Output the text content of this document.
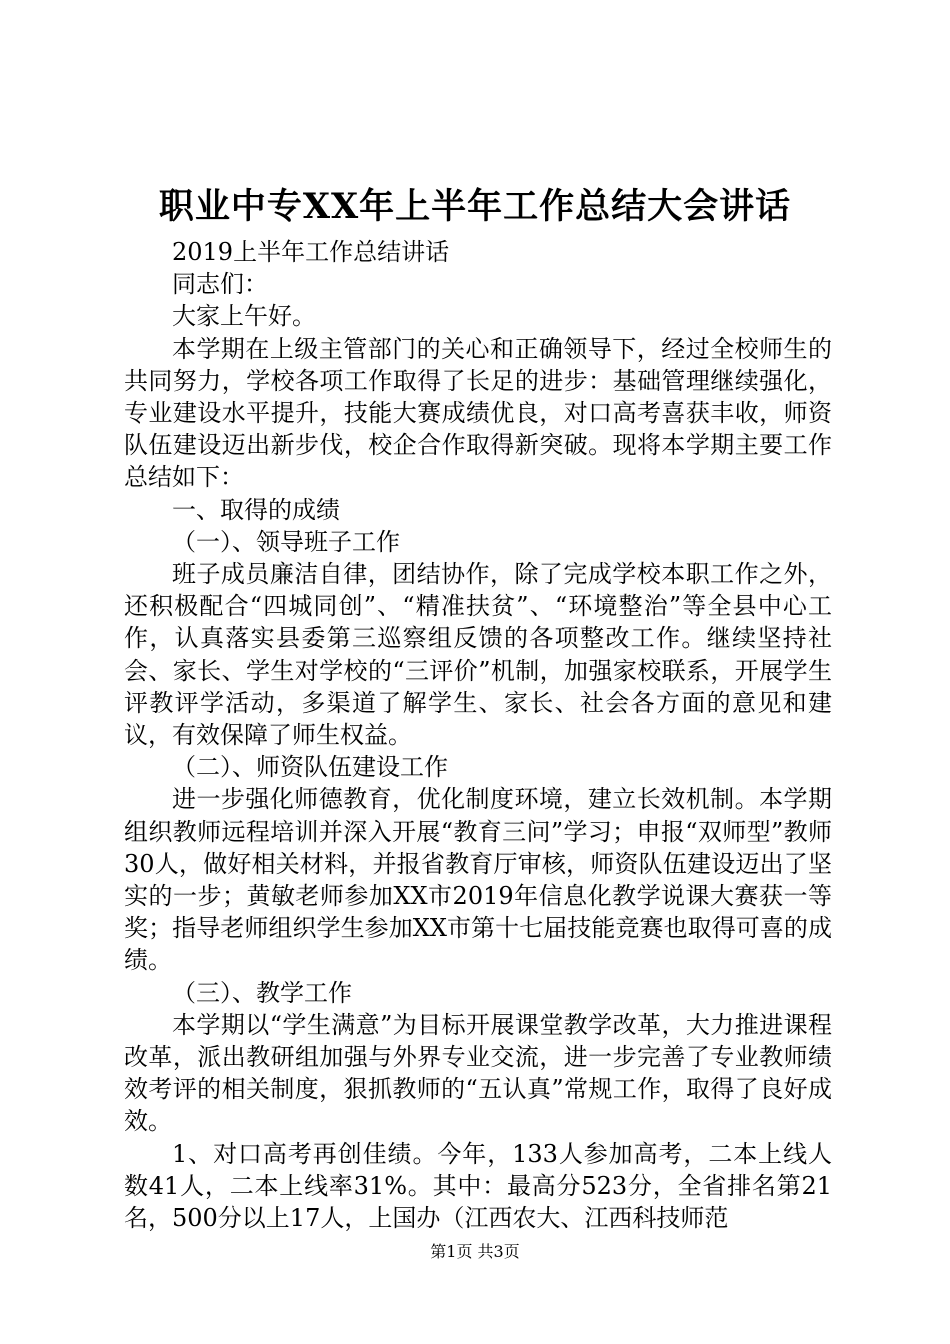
职业中专XX年上半年工作总结大会讲话

2019上半年工作总结讲话

同志们：

大家上午好。

本学期在上级主管部门的关心和正确领导下，经过全校师生的共同努力，学校各项工作取得了长足的进步：基础管理继续强化，专业建设水平提升，技能大赛成绩优良，对口高考喜获丰收，师资队伍建设迈出新步伐，校企合作取得新突破。现将本学期主要工作总结如下：

一、取得的成绩

（一）、领导班子工作

班子成员廉洁自律，团结协作，除了完成学校本职工作之外，还积极配合“四城同创”、“精准扶贫”、“环境整治”等全县中心工作，认真落实县委第三巡察组反馈的各项整改工作。继续坚持社会、家长、学生对学校的“三评价”机制，加强家校联系，开展学生评教评学活动，多渠道了解学生、家长、社会各方面的意见和建议，有效保障了师生权益。

（二）、师资队伍建设工作

进一步强化师德教育，优化制度环境，建立长效机制。本学期组织教师远程培训并深入开展“教育三问”学习；申报“双师型”教师30人，做好相关材料，并报省教育厅审核，师资队伍建设迈出了坚实的一步；黄敏老师参加XX市2019年信息化教学说课大赛获一等奖；指导老师组织学生参加XX市第十七届技能竞赛也取得可喜的成绩。

（三）、教学工作

本学期以“学生满意”为目标开展课堂教学改革，大力推进课程改革，派出教研组加强与外界专业交流，进一步完善了专业教师绩效考评的相关制度，狠抓教师的“五认真”常规工作，取得了良好成效。

1、对口高考再创佳绩。今年，133人参加高考，二本上线人数41人，二本上线率31%。其中：最高分523分，全省排名第21名，500分以上17人，上国办（江西农大、江西科技师范

第1页 共3页
